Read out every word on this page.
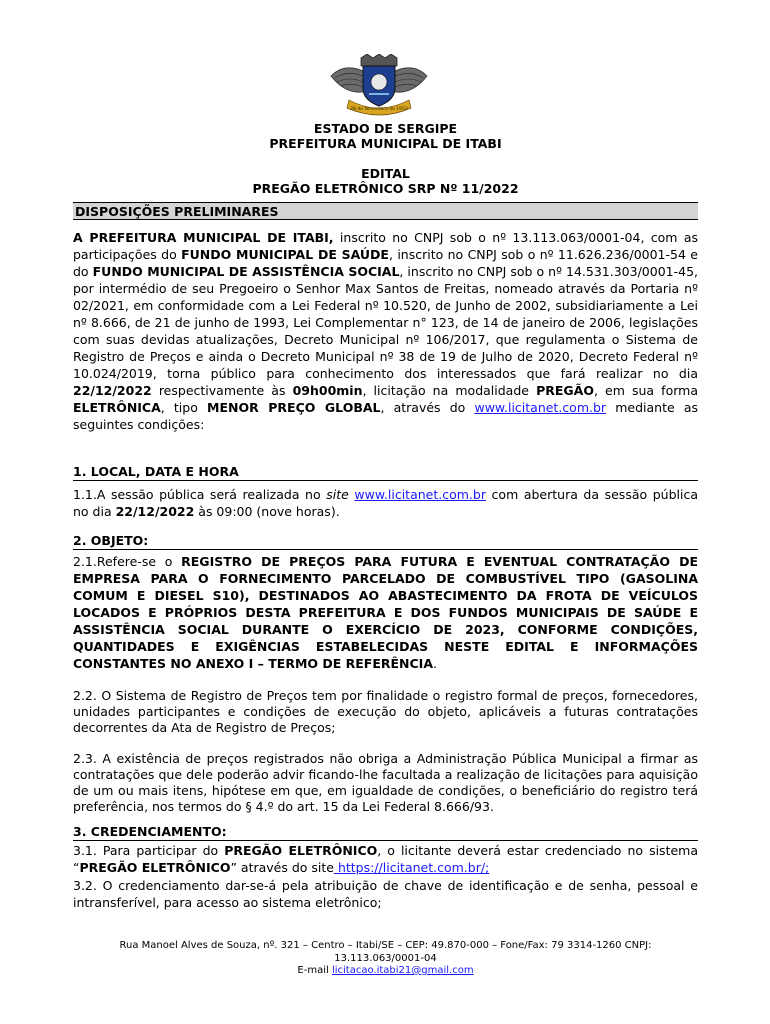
28 de Novembro de 1953
ESTADO DE SERGIPE
PREFEITURA MUNICIPAL DE ITABI
EDITAL
PREGÃO ELETRÔNICO SRP Nº 11/2022
DISPOSIÇÕES PRELIMINARES
A PREFEITURA MUNICIPAL DE ITABI, inscrito no CNPJ sob o nº 13.113.063/0001-04, com as participações do FUNDO MUNICIPAL DE SAÚDE, inscrito no CNPJ sob o nº 11.626.236/0001-54 e do FUNDO MUNICIPAL DE ASSISTÊNCIA SOCIAL, inscrito no CNPJ sob o nº 14.531.303/0001-45, por intermédio de seu Pregoeiro o Senhor Max Santos de Freitas, nomeado através da Portaria nº 02/2021, em conformidade com a Lei Federal nº 10.520, de Junho de 2002, subsidiariamente a Lei nº 8.666, de 21 de junho de 1993, Lei Complementar n° 123, de 14 de janeiro de 2006, legislações com suas devidas atualizações, Decreto Municipal nº 106/2017, que regulamenta o Sistema de Registro de Preços e ainda o Decreto Municipal nº 38 de 19 de Julho de 2020, Decreto Federal nº 10.024/2019, torna público para conhecimento dos interessados que fará realizar no dia 22/12/2022 respectivamente às 09h00min, licitação na modalidade PREGÃO, em sua forma ELETRÔNICA, tipo MENOR PREÇO GLOBAL, através do www.licitanet.com.br mediante as seguintes condições:
1. LOCAL, DATA E HORA
1.1.A sessão pública será realizada no site www.licitanet.com.br com abertura da sessão pública no dia 22/12/2022 às 09:00 (nove horas).
2. OBJETO:
2.1.Refere-se o REGISTRO DE PREÇOS PARA FUTURA E EVENTUAL CONTRATAÇÃO DE EMPRESA PARA O FORNECIMENTO PARCELADO DE COMBUSTÍVEL TIPO (GASOLINA COMUM E DIESEL S10), DESTINADOS AO ABASTECIMENTO DA FROTA DE VEÍCULOS LOCADOS E PRÓPRIOS DESTA PREFEITURA E DOS FUNDOS MUNICIPAIS DE SAÚDE E ASSISTÊNCIA SOCIAL DURANTE O EXERCÍCIO DE 2023, CONFORME CONDIÇÕES, QUANTIDADES E EXIGÊNCIAS ESTABELECIDAS NESTE EDITAL E INFORMAÇÕES CONSTANTES NO ANEXO I – TERMO DE REFERÊNCIA.
2.2. O Sistema de Registro de Preços tem por finalidade o registro formal de preços, fornecedores, unidades participantes e condições de execução do objeto, aplicáveis a futuras contratações decorrentes da Ata de Registro de Preços;
2.3. A existência de preços registrados não obriga a Administração Pública Municipal a firmar as contratações que dele poderão advir ficando-lhe facultada a realização de licitações para aquisição de um ou mais itens, hipótese em que, em igualdade de condições, o beneficiário do registro terá preferência, nos termos do § 4.º do art. 15 da Lei Federal 8.666/93.
3. CREDENCIAMENTO:
3.1. Para participar do PREGÃO ELETRÔNICO, o licitante deverá estar credenciado no sistema “PREGÃO ELETRÔNICO” através do site https://licitanet.com.br/;
3.2. O credenciamento dar-se-á pela atribuição de chave de identificação e de senha, pessoal e intransferível, para acesso ao sistema eletrônico;
Rua Manoel Alves de Souza, nº. 321 – Centro – Itabi/SE – CEP: 49.870-000 – Fone/Fax: 79 3314-1260 CNPJ:
13.113.063/0001-04
E-mail licitacao.itabi21@gmail.com
